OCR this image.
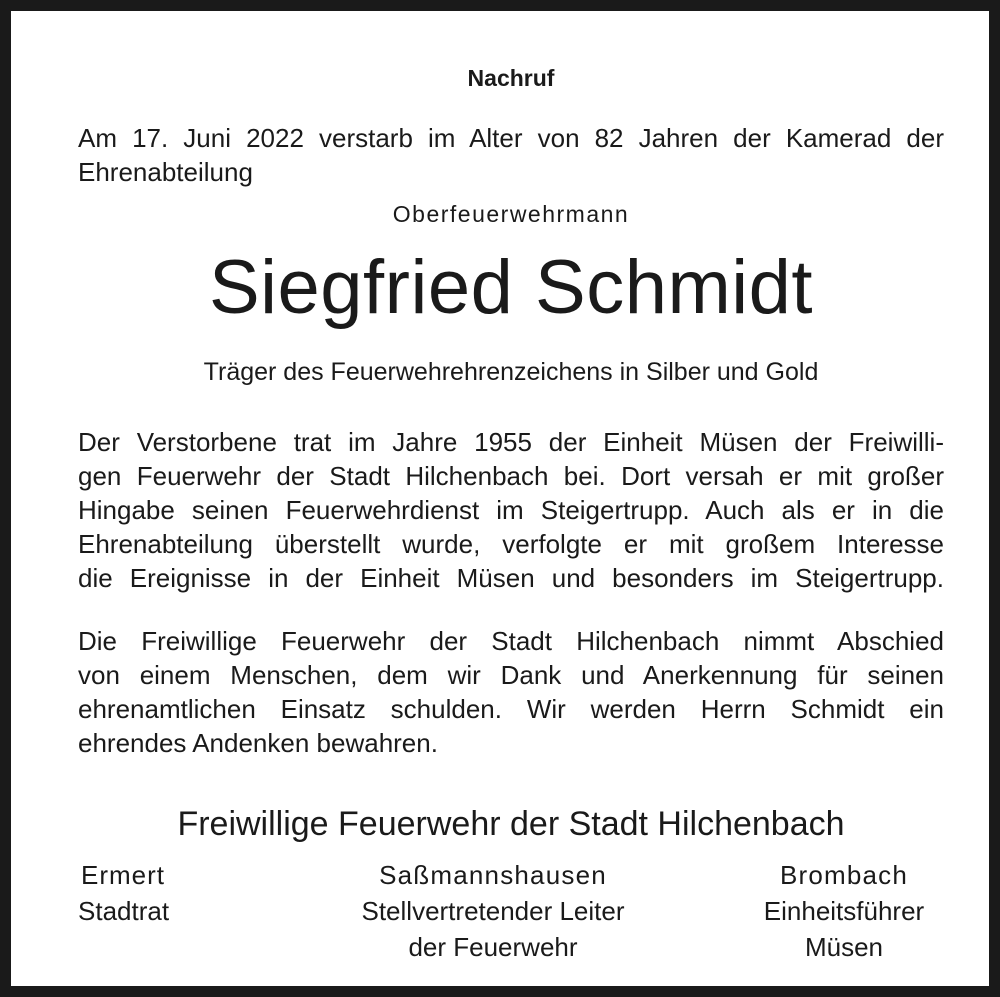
Nachruf
Am 17. Juni 2022 verstarb im Alter von 82 Jahren der Kamerad der
Ehrenabteilung
Oberfeuerwehrmann
Siegfried Schmidt
Träger des Feuerwehrehrenzeichens in Silber und Gold
Der Verstorbene trat im Jahre 1955 der Einheit Müsen der Freiwilli-
gen Feuerwehr der Stadt Hilchenbach bei. Dort versah er mit großer
Hingabe seinen Feuerwehrdienst im Steigertrupp. Auch als er in die
Ehrenabteilung überstellt wurde, verfolgte er mit großem Interesse
die Ereignisse in der Einheit Müsen und besonders im Steigertrupp.
Die Freiwillige Feuerwehr der Stadt Hilchenbach nimmt Abschied
von einem Menschen, dem wir Dank und Anerkennung für seinen
ehrenamtlichen Einsatz schulden. Wir werden Herrn Schmidt ein
ehrendes Andenken bewahren.
Freiwillige Feuerwehr der Stadt Hilchenbach
Ermert
Stadtrat
Saßmannshausen
Stellvertretender Leiter
der Feuerwehr
Brombach
Einheitsführer
Müsen
